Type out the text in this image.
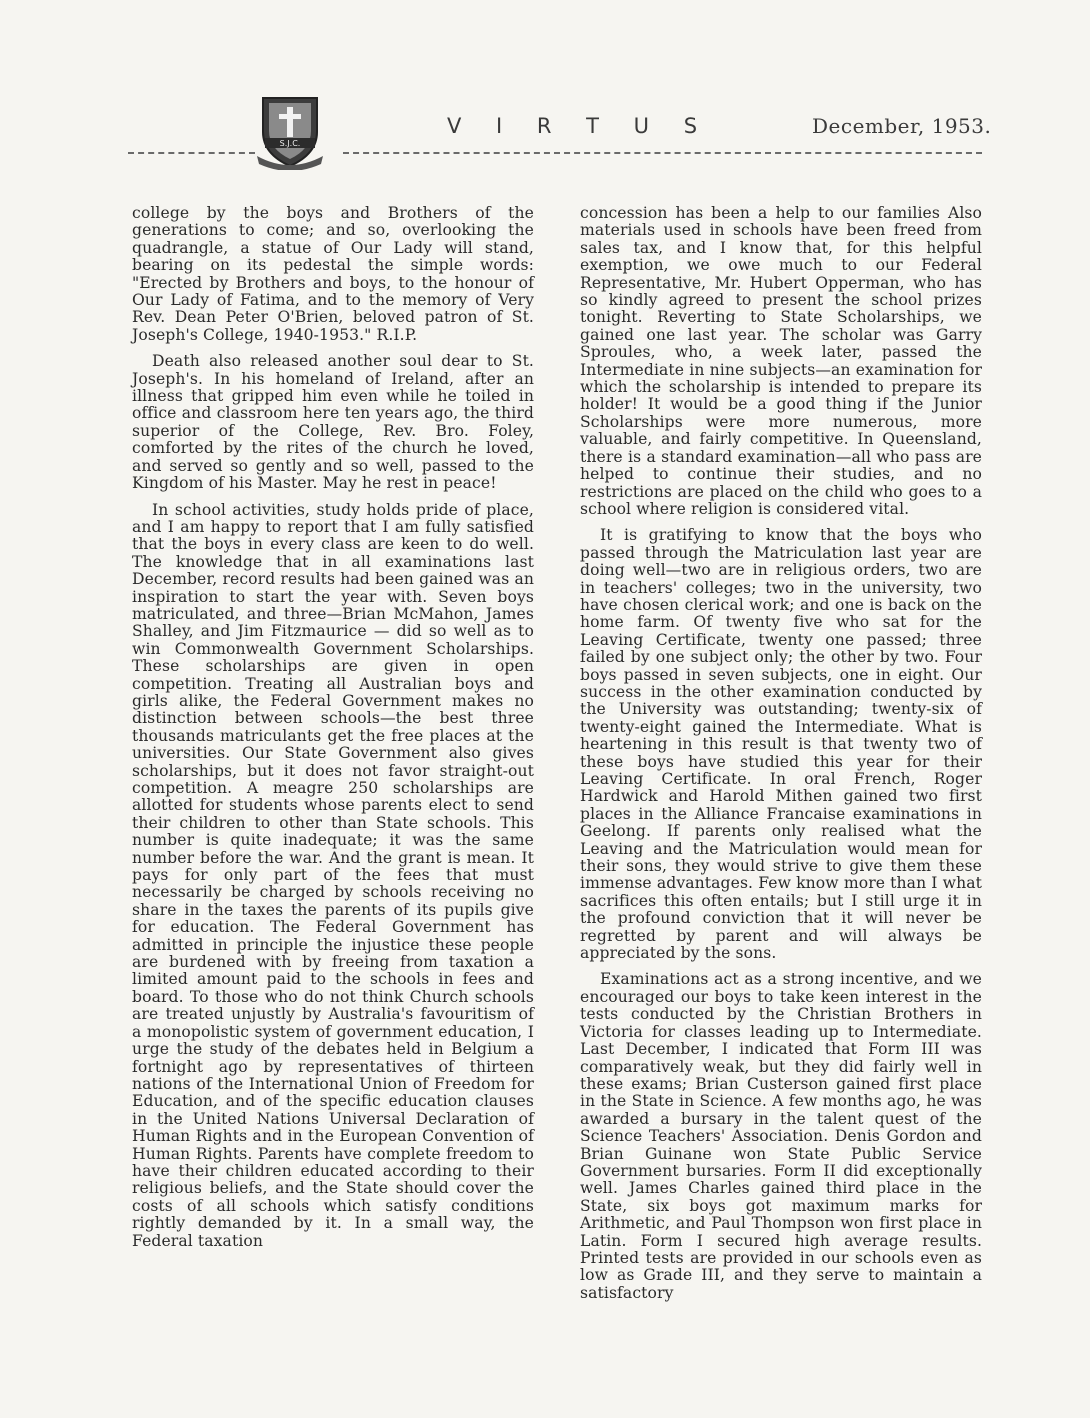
S.J.C.
V I R T U S	December, 1953.

college by the boys and Brothers of the generations to come; and so, overlooking the quadrangle, a statue of Our Lady will stand, bearing on its pedestal the simple words: "Erected by Brothers and boys, to the honour of Our Lady of Fatima, and to the memory of Very Rev. Dean Peter O'Brien, beloved patron of St. Joseph's College, 1940-1953." R.I.P.

Death also released another soul dear to St. Joseph's. In his homeland of Ireland, after an illness that gripped him even while he toiled in office and classroom here ten years ago, the third superior of the College, Rev. Bro. Foley, comforted by the rites of the church he loved, and served so gently and so well, passed to the Kingdom of his Master. May he rest in peace!

In school activities, study holds pride of place, and I am happy to report that I am fully satisfied that the boys in every class are keen to do well. The knowledge that in all examinations last December, record results had been gained was an inspiration to start the year with. Seven boys matriculated, and three—Brian McMahon, James Shalley, and Jim Fitzmaurice — did so well as to win Commonwealth Government Scholarships. These scholarships are given in open competition. Treating all Australian boys and girls alike, the Federal Government makes no distinction between schools—the best three thousands matriculants get the free places at the universities. Our State Government also gives scholarships, but it does not favor straight-out competition. A meagre 250 scholarships are allotted for students whose parents elect to send their children to other than State schools. This number is quite inadequate; it was the same number before the war. And the grant is mean. It pays for only part of the fees that must necessarily be charged by schools receiving no share in the taxes the parents of its pupils give for education. The Federal Government has admitted in principle the injustice these people are burdened with by freeing from taxation a limited amount paid to the schools in fees and board. To those who do not think Church schools are treated unjustly by Australia's favouritism of a monopolistic system of government education, I urge the study of the debates held in Belgium a fortnight ago by representatives of thirteen nations of the International Union of Freedom for Education, and of the specific education clauses in the United Nations Universal Declaration of Human Rights and in the European Convention of Human Rights. Parents have complete freedom to have their children educated according to their religious beliefs, and the State should cover the costs of all schools which satisfy conditions rightly demanded by it. In a small way, the Federal taxation

concession has been a help to our families Also materials used in schools have been freed from sales tax, and I know that, for this helpful exemption, we owe much to our Federal Representative, Mr. Hubert Opperman, who has so kindly agreed to present the school prizes tonight. Reverting to State Scholarships, we gained one last year. The scholar was Garry Sproules, who, a week later, passed the Intermediate in nine subjects—an examination for which the scholarship is intended to prepare its holder! It would be a good thing if the Junior Scholarships were more numerous, more valuable, and fairly competitive. In Queensland, there is a standard examination—all who pass are helped to continue their studies, and no restrictions are placed on the child who goes to a school where religion is considered vital.

It is gratifying to know that the boys who passed through the Matriculation last year are doing well—two are in religious orders, two are in teachers' colleges; two in the university, two have chosen clerical work; and one is back on the home farm. Of twenty five who sat for the Leaving Certificate, twenty one passed; three failed by one subject only; the other by two. Four boys passed in seven subjects, one in eight. Our success in the other examination conducted by the University was outstanding; twenty-six of twenty-eight gained the Intermediate. What is heartening in this result is that twenty two of these boys have studied this year for their Leaving Certificate. In oral French, Roger Hardwick and Harold Mithen gained two first places in the Alliance Francaise examinations in Geelong. If parents only realised what the Leaving and the Matriculation would mean for their sons, they would strive to give them these immense advantages. Few know more than I what sacrifices this often entails; but I still urge it in the profound conviction that it will never be regretted by parent and will always be appreciated by the sons.

Examinations act as a strong incentive, and we encouraged our boys to take keen interest in the tests conducted by the Christian Brothers in Victoria for classes leading up to Intermediate. Last December, I indicated that Form III was comparatively weak, but they did fairly well in these exams; Brian Custerson gained first place in the State in Science. A few months ago, he was awarded a bursary in the talent quest of the Science Teachers' Association. Denis Gordon and Brian Guinane won State Public Service Government bursaries. Form II did exceptionally well. James Charles gained third place in the State, six boys got maximum marks for Arithmetic, and Paul Thompson won first place in Latin. Form I secured high average results. Printed tests are provided in our schools even as low as Grade III, and they serve to maintain a satisfactory
